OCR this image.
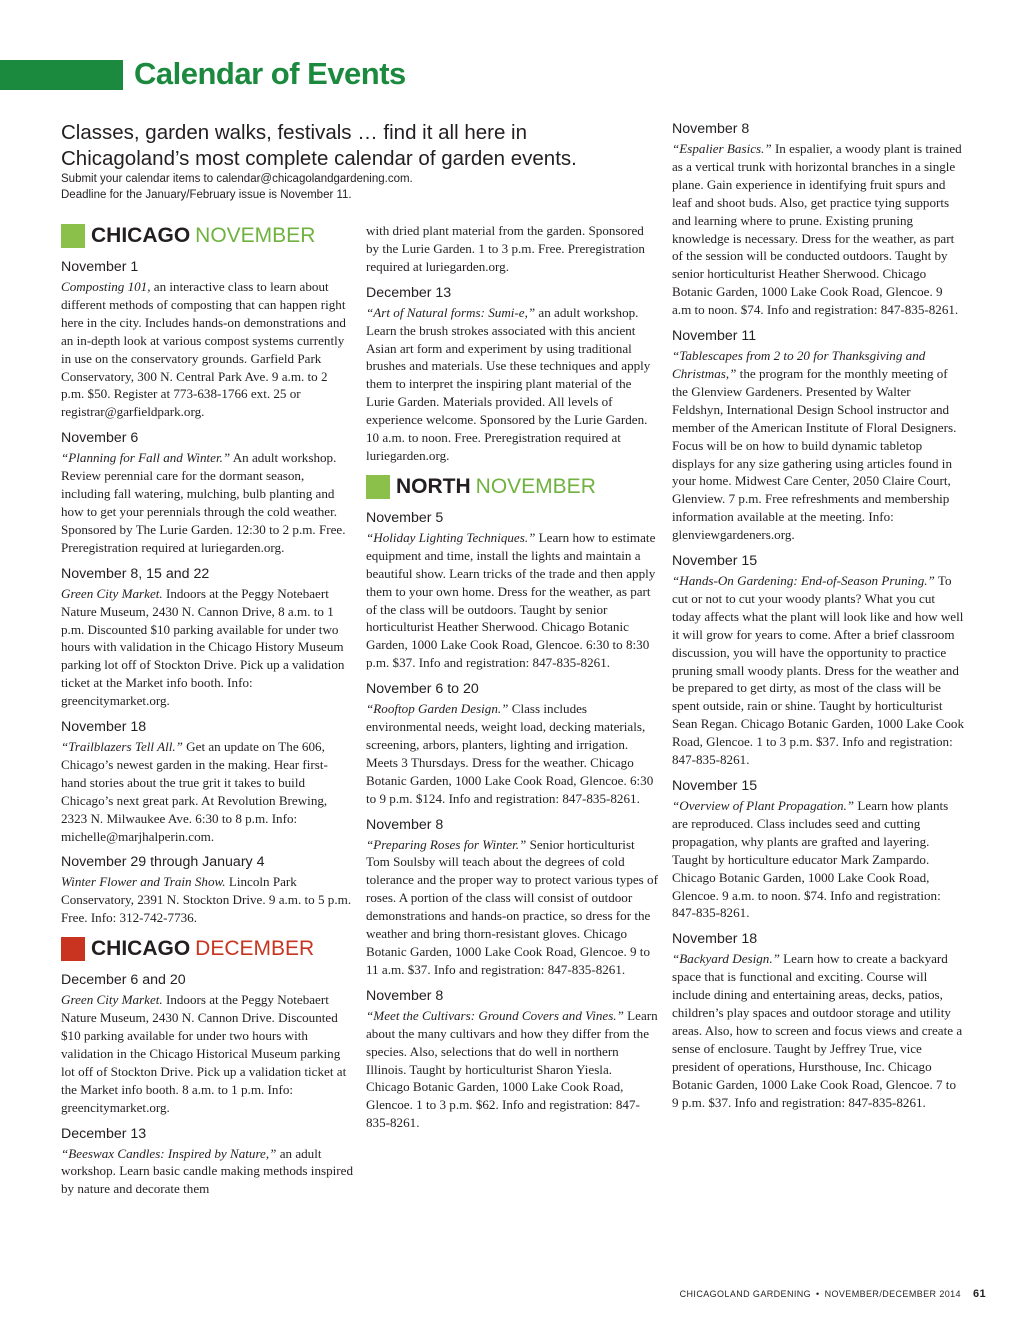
Calendar of Events
Classes, garden walks, festivals … find it all here in
Chicagoland’s most complete calendar of garden events.
Submit your calendar items to calendar@chicagolandgardening.com.
Deadline for the January/February issue is November 11.
CHICAGO NOVEMBER
November 1
Composting 101, an interactive class to learn about different methods of composting that can happen right here in the city. Includes hands-on demonstrations and an in-depth look at various compost systems currently in use on the conservatory grounds. Garfield Park Conservatory, 300 N. Central Park Ave. 9 a.m. to 2 p.m. $50. Register at 773-638-1766 ext. 25 or registrar@garfieldpark.org.
November 6
“Planning for Fall and Winter.” An adult workshop. Review perennial care for the dormant season, including fall watering, mulching, bulb planting and how to get your perennials through the cold weather. Sponsored by The Lurie Garden. 12:30 to 2 p.m. Free. Preregistration required at luriegarden.org.
November 8, 15 and 22
Green City Market. Indoors at the Peggy Notebaert Nature Museum, 2430 N. Cannon Drive, 8 a.m. to 1 p.m. Discounted $10 parking available for under two hours with validation in the Chicago History Museum parking lot off of Stockton Drive. Pick up a validation ticket at the Market info booth. Info: greencitymarket.org.
November 18
“Trailblazers Tell All.” Get an update on The 606, Chicago’s newest garden in the making. Hear first-hand stories about the true grit it takes to build Chicago’s next great park. At Revolution Brewing, 2323 N. Milwaukee Ave. 6:30 to 8 p.m. Info: michelle@marjhalperin.com.
November 29 through January 4
Winter Flower and Train Show. Lincoln Park Conservatory, 2391 N. Stockton Drive. 9 a.m. to 5 p.m. Free. Info: 312-742-7736.
CHICAGO DECEMBER
December 6 and 20
Green City Market. Indoors at the Peggy Notebaert Nature Museum, 2430 N. Cannon Drive. Discounted $10 parking available for under two hours with validation in the Chicago Historical Museum parking lot off of Stockton Drive. Pick up a validation ticket at the Market info booth. 8 a.m. to 1 p.m. Info: greencitymarket.org.
December 13
“Beeswax Candles: Inspired by Nature,” an adult workshop. Learn basic candle making methods inspired by nature and decorate them
with dried plant material from the garden. Sponsored by the Lurie Garden. 1 to 3 p.m. Free. Preregistration required at luriegarden.org.
December 13
“Art of Natural forms: Sumi-e,” an adult workshop. Learn the brush strokes associated with this ancient Asian art form and experiment by using traditional brushes and materials. Use these techniques and apply them to interpret the inspiring plant material of the Lurie Garden. Materials provided. All levels of experience welcome. Sponsored by the Lurie Garden. 10 a.m. to noon. Free. Preregistration required at luriegarden.org.
NORTH NOVEMBER
November 5
“Holiday Lighting Techniques.” Learn how to estimate equipment and time, install the lights and maintain a beautiful show. Learn tricks of the trade and then apply them to your own home. Dress for the weather, as part of the class will be outdoors. Taught by senior horticulturist Heather Sherwood. Chicago Botanic Garden, 1000 Lake Cook Road, Glencoe. 6:30 to 8:30 p.m. $37. Info and registration: 847-835-8261.
November 6 to 20
“Rooftop Garden Design.” Class includes environmental needs, weight load, decking materials, screening, arbors, planters, lighting and irrigation. Meets 3 Thursdays. Dress for the weather. Chicago Botanic Garden, 1000 Lake Cook Road, Glencoe. 6:30 to 9 p.m. $124. Info and registration: 847-835-8261.
November 8
“Preparing Roses for Winter.” Senior horticulturist Tom Soulsby will teach about the degrees of cold tolerance and the proper way to protect various types of roses. A portion of the class will consist of outdoor demonstrations and hands-on practice, so dress for the weather and bring thorn-resistant gloves. Chicago Botanic Garden, 1000 Lake Cook Road, Glencoe. 9 to 11 a.m. $37. Info and registration: 847-835-8261.
November 8
“Meet the Cultivars: Ground Covers and Vines.” Learn about the many cultivars and how they differ from the species. Also, selections that do well in northern Illinois. Taught by horticulturist Sharon Yiesla. Chicago Botanic Garden, 1000 Lake Cook Road, Glencoe. 1 to 3 p.m. $62. Info and registration: 847-835-8261.
November 8
“Espalier Basics.” In espalier, a woody plant is trained as a vertical trunk with horizontal branches in a single plane. Gain experience in identifying fruit spurs and leaf and shoot buds. Also, get practice tying supports and learning where to prune. Existing pruning knowledge is necessary. Dress for the weather, as part of the session will be conducted outdoors. Taught by senior horticulturist Heather Sherwood. Chicago Botanic Garden, 1000 Lake Cook Road, Glencoe. 9 a.m to noon. $74. Info and registration: 847-835-8261.
November 11
“Tablescapes from 2 to 20 for Thanksgiving and Christmas,” the program for the monthly meeting of the Glenview Gardeners. Presented by Walter Feldshyn, International Design School instructor and member of the American Institute of Floral Designers. Focus will be on how to build dynamic tabletop displays for any size gathering using articles found in your home. Midwest Care Center, 2050 Claire Court, Glenview. 7 p.m. Free refreshments and membership information available at the meeting. Info: glenviewgardeners.org.
November 15
“Hands-On Gardening: End-of-Season Pruning.” To cut or not to cut your woody plants? What you cut today affects what the plant will look like and how well it will grow for years to come. After a brief classroom discussion, you will have the opportunity to practice pruning small woody plants. Dress for the weather and be prepared to get dirty, as most of the class will be spent outside, rain or shine. Taught by horticulturist Sean Regan. Chicago Botanic Garden, 1000 Lake Cook Road, Glencoe. 1 to 3 p.m. $37. Info and registration: 847-835-8261.
November 15
“Overview of Plant Propagation.” Learn how plants are reproduced. Class includes seed and cutting propagation, why plants are grafted and layering. Taught by horticulture educator Mark Zampardo. Chicago Botanic Garden, 1000 Lake Cook Road, Glencoe. 9 a.m. to noon. $74. Info and registration: 847-835-8261.
November 18
“Backyard Design.” Learn how to create a backyard space that is functional and exciting. Course will include dining and entertaining areas, decks, patios, children’s play spaces and outdoor storage and utility areas. Also, how to screen and focus views and create a sense of enclosure. Taught by Jeffrey True, vice president of operations, Hursthouse, Inc. Chicago Botanic Garden, 1000 Lake Cook Road, Glencoe. 7 to 9 p.m. $37. Info and registration: 847-835-8261.
CHICAGOLAND GARDENING • NOVEMBER/DECEMBER 2014 61
